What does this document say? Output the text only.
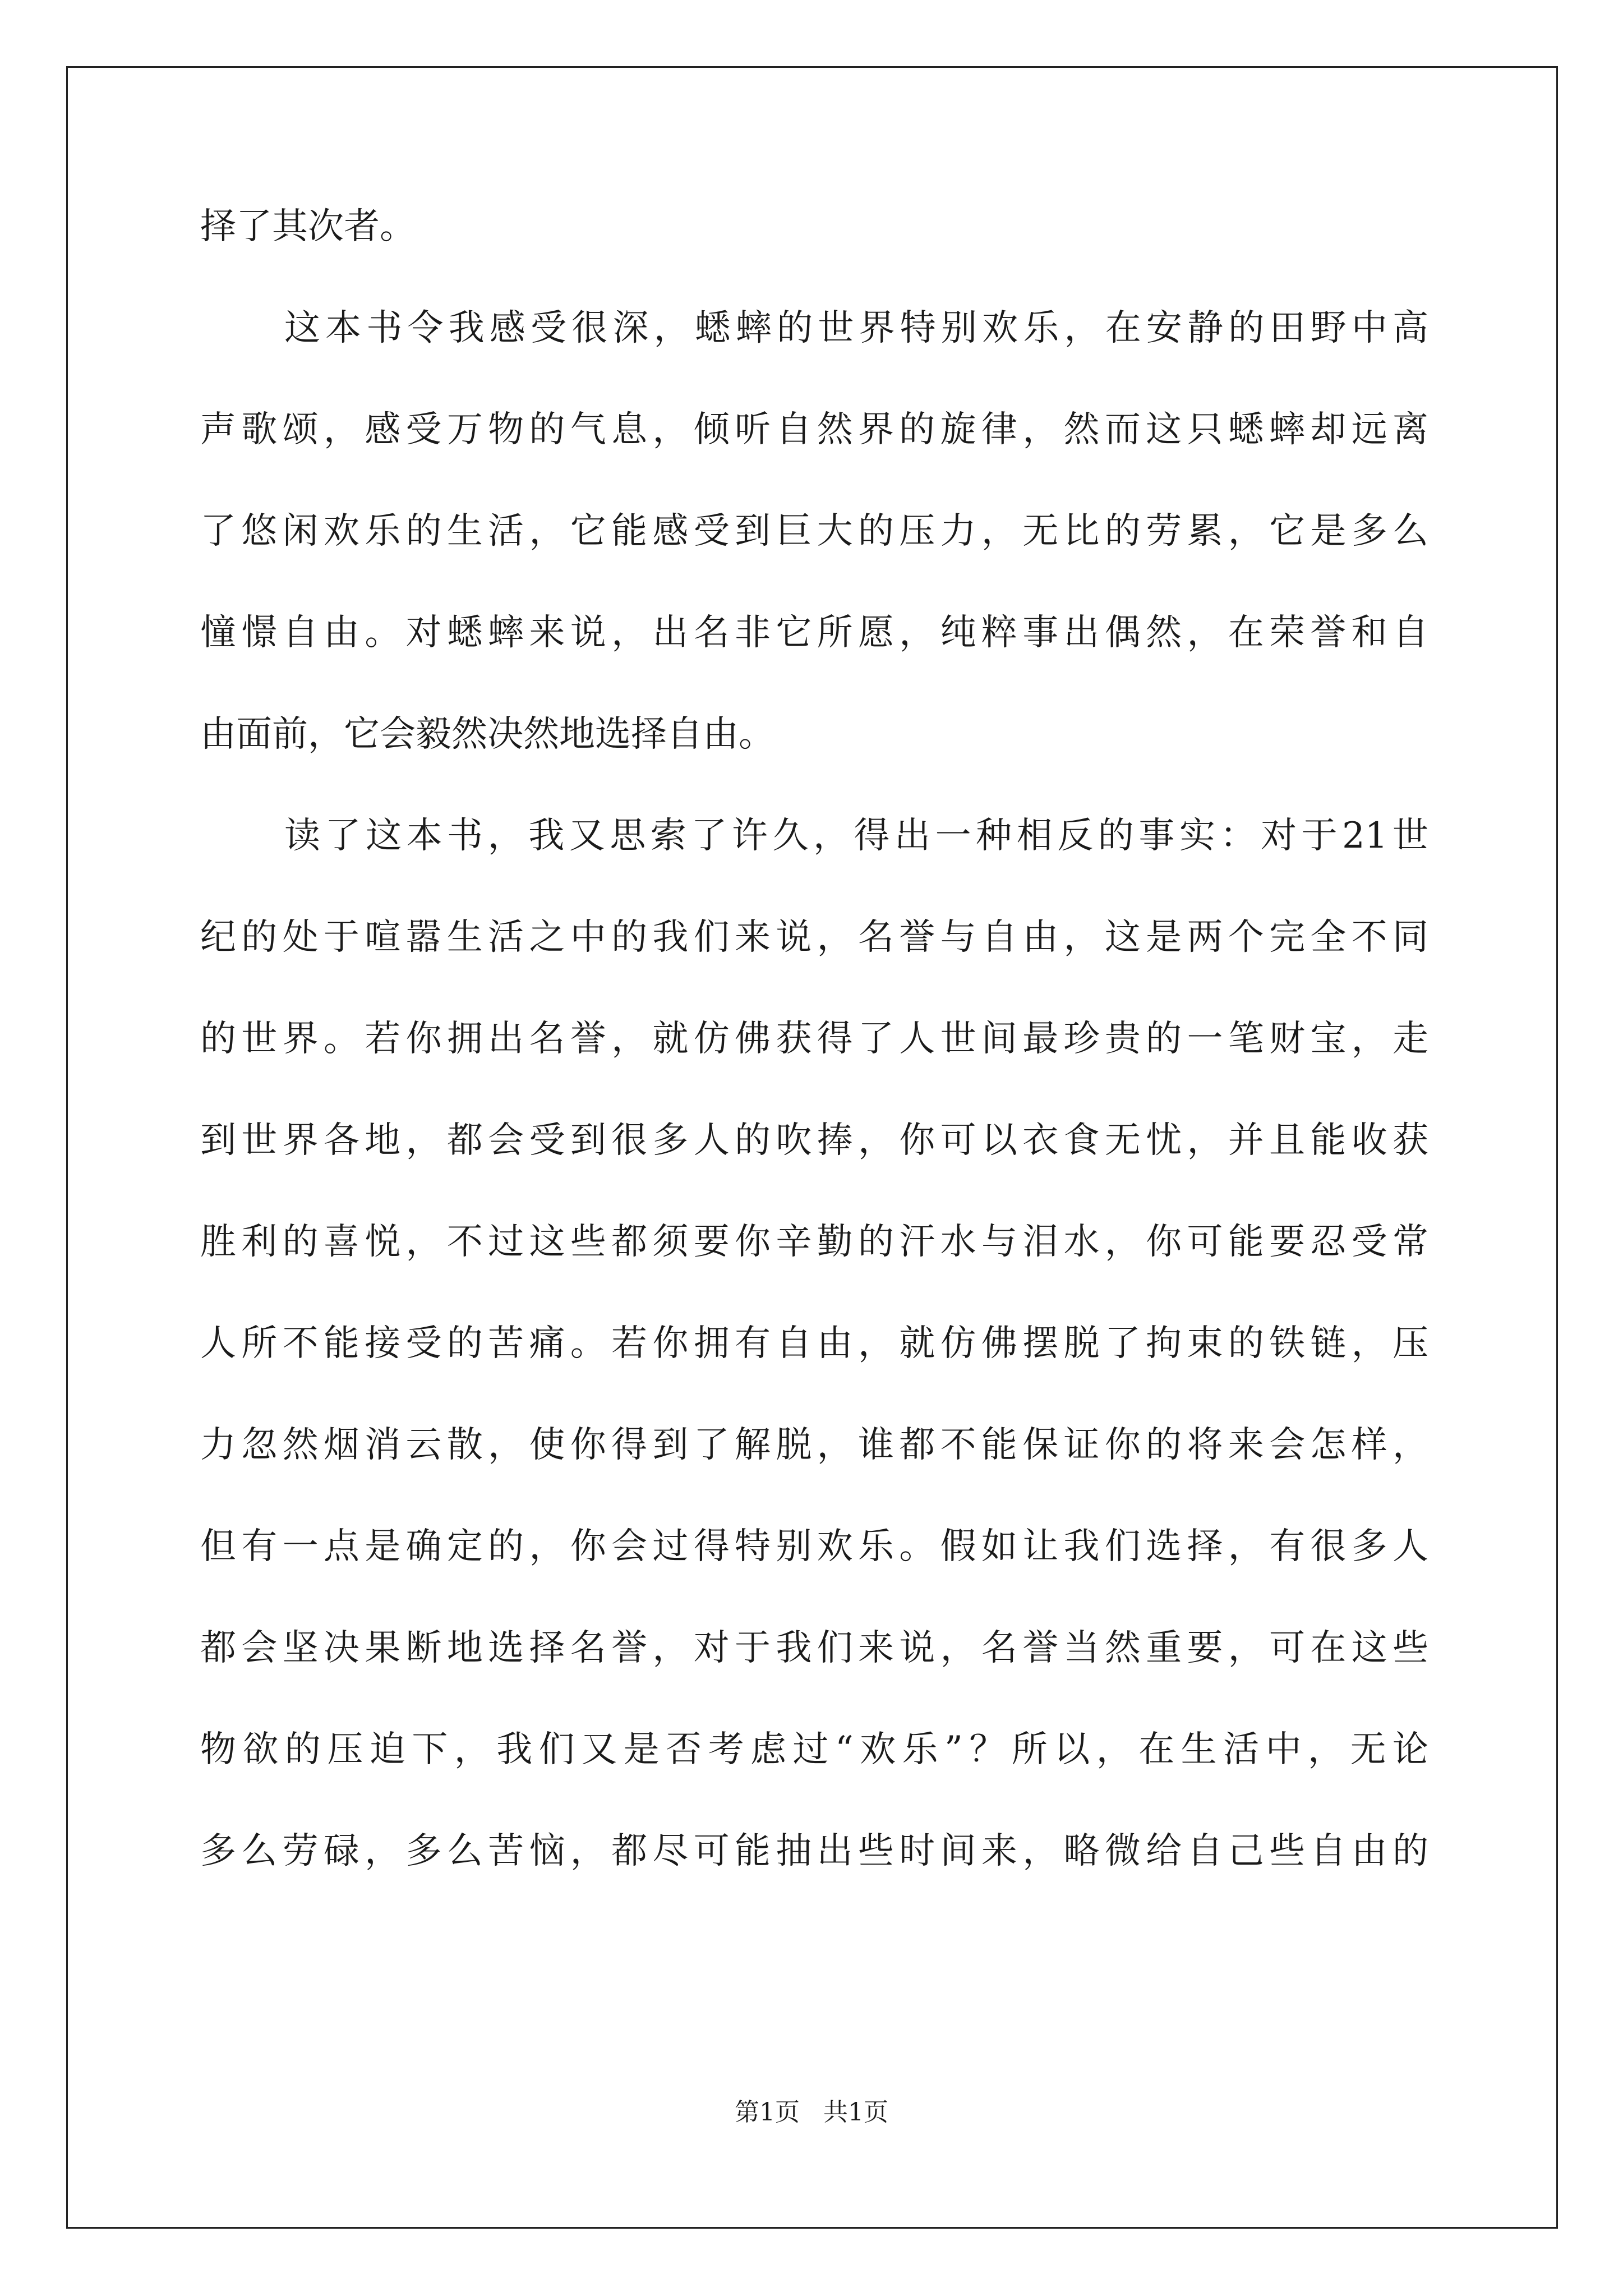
择了其次者。
这本书令我感受很深，蟋蟀的世界特别欢乐，在安静的田野中高
声歌颂，感受万物的气息，倾听自然界的旋律，然而这只蟋蟀却远离
了悠闲欢乐的生活，它能感受到巨大的压力，无比的劳累，它是多么
憧憬自由。对蟋蟀来说，出名非它所愿，纯粹事出偶然，在荣誉和自
由面前，它会毅然决然地选择自由。
读了这本书，我又思索了许久，得出一种相反的事实：对于21世
纪的处于喧嚣生活之中的我们来说，名誉与自由，这是两个完全不同
的世界。若你拥出名誉，就仿佛获得了人世间最珍贵的一笔财宝，走
到世界各地，都会受到很多人的吹捧，你可以衣食无忧，并且能收获
胜利的喜悦，不过这些都须要你辛勤的汗水与泪水，你可能要忍受常
人所不能接受的苦痛。若你拥有自由，就仿佛摆脱了拘束的铁链，压
力忽然烟消云散，使你得到了解脱，谁都不能保证你的将来会怎样，
但有一点是确定的，你会过得特别欢乐。假如让我们选择，有很多人
都会坚决果断地选择名誉，对于我们来说，名誉当然重要，可在这些
物欲的压迫下，我们又是否考虑过“欢乐”？所以，在生活中，无论
多么劳碌，多么苦恼，都尽可能抽出些时间来，略微给自己些自由的
第1页   共1页
